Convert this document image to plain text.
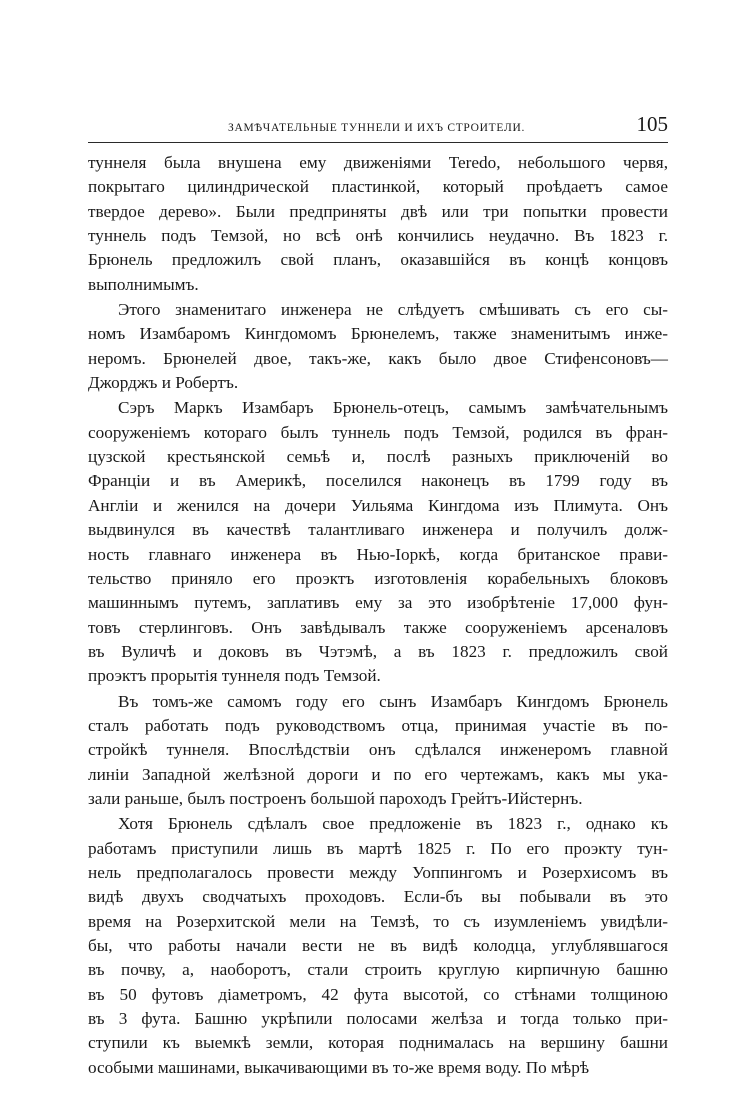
ЗАМѢЧАТЕЛЬНЫЕ ТУННЕЛИ И ИХЪ СТРОИТЕЛИ.	105
туннеля была внушена ему движеніями Teredo, небольшого червя,
покрытаго цилиндрической пластинкой, который проѣдаетъ самое
твердое дерево». Были предприняты двѣ или три попытки провести
туннель подъ Темзой, но всѣ онѣ кончились неудачно. Въ 1823 г.
Брюнель предложилъ свой планъ, оказавшійся въ концѣ концовъ
выполнимымъ.
Этого знаменитаго инженера не слѣдуетъ смѣшивать съ его сы-
номъ Изамбаромъ Кингдомомъ Брюнелемъ, также знаменитымъ инже-
неромъ. Брюнелей двое, такъ-же, какъ было двое Стифенсоновъ—
Джорджъ и Робертъ.
Сэръ Маркъ Изамбаръ Брюнель-отецъ, самымъ замѣчательнымъ
сооруженіемъ котораго былъ туннель подъ Темзой, родился въ фран-
цузской крестьянской семьѣ и, послѣ разныхъ приключеній во
Франціи и въ Америкѣ, поселился наконецъ въ 1799 году въ
Англіи и женился на дочери Уильяма Кингдома изъ Плимута. Онъ
выдвинулся въ качествѣ талантливаго инженера и получилъ долж-
ность главнаго инженера въ Нью-Іоркѣ, когда британское прави-
тельство приняло его проэктъ изготовленія корабельныхъ блоковъ
машиннымъ путемъ, заплативъ ему за это изобрѣтеніе 17,000 фун-
товъ стерлинговъ. Онъ завѣдывалъ также сооруженіемъ арсеналовъ
въ Вуличѣ и доковъ въ Чэтэмѣ, а въ 1823 г. предложилъ свой
проэктъ прорытія туннеля подъ Темзой.
Въ томъ-же самомъ году его сынъ Изамбаръ Кингдомъ Брюнель
сталъ работать подъ руководствомъ отца, принимая участіе въ по-
стройкѣ туннеля. Впослѣдствіи онъ сдѣлался инженеромъ главной
линіи Западной желѣзной дороги и по его чертежамъ, какъ мы ука-
зали раньше, былъ построенъ большой пароходъ Грейтъ-Ийстернъ.
Хотя Брюнель сдѣлалъ свое предложеніе въ 1823 г., однако къ
работамъ приступили лишь въ мартѣ 1825 г. По его проэкту тун-
нель предполагалось провести между Уоппингомъ и Розерхисомъ въ
видѣ двухъ сводчатыхъ проходовъ. Если-бъ вы побывали въ это
время на Розерхитской мели на Темзѣ, то съ изумленіемъ увидѣли-
бы, что работы начали вести не въ видѣ колодца, углублявшагося
въ почву, а, наоборотъ, стали строить круглую кирпичную башню
въ 50 футовъ діаметромъ, 42 фута высотой, со стѣнами толщиною
въ 3 фута. Башню укрѣпили полосами желѣза и тогда только при-
ступили къ выемкѣ земли, которая поднималась на вершину башни
особыми машинами, выкачивающими въ то-же время воду. По мѣрѣ
